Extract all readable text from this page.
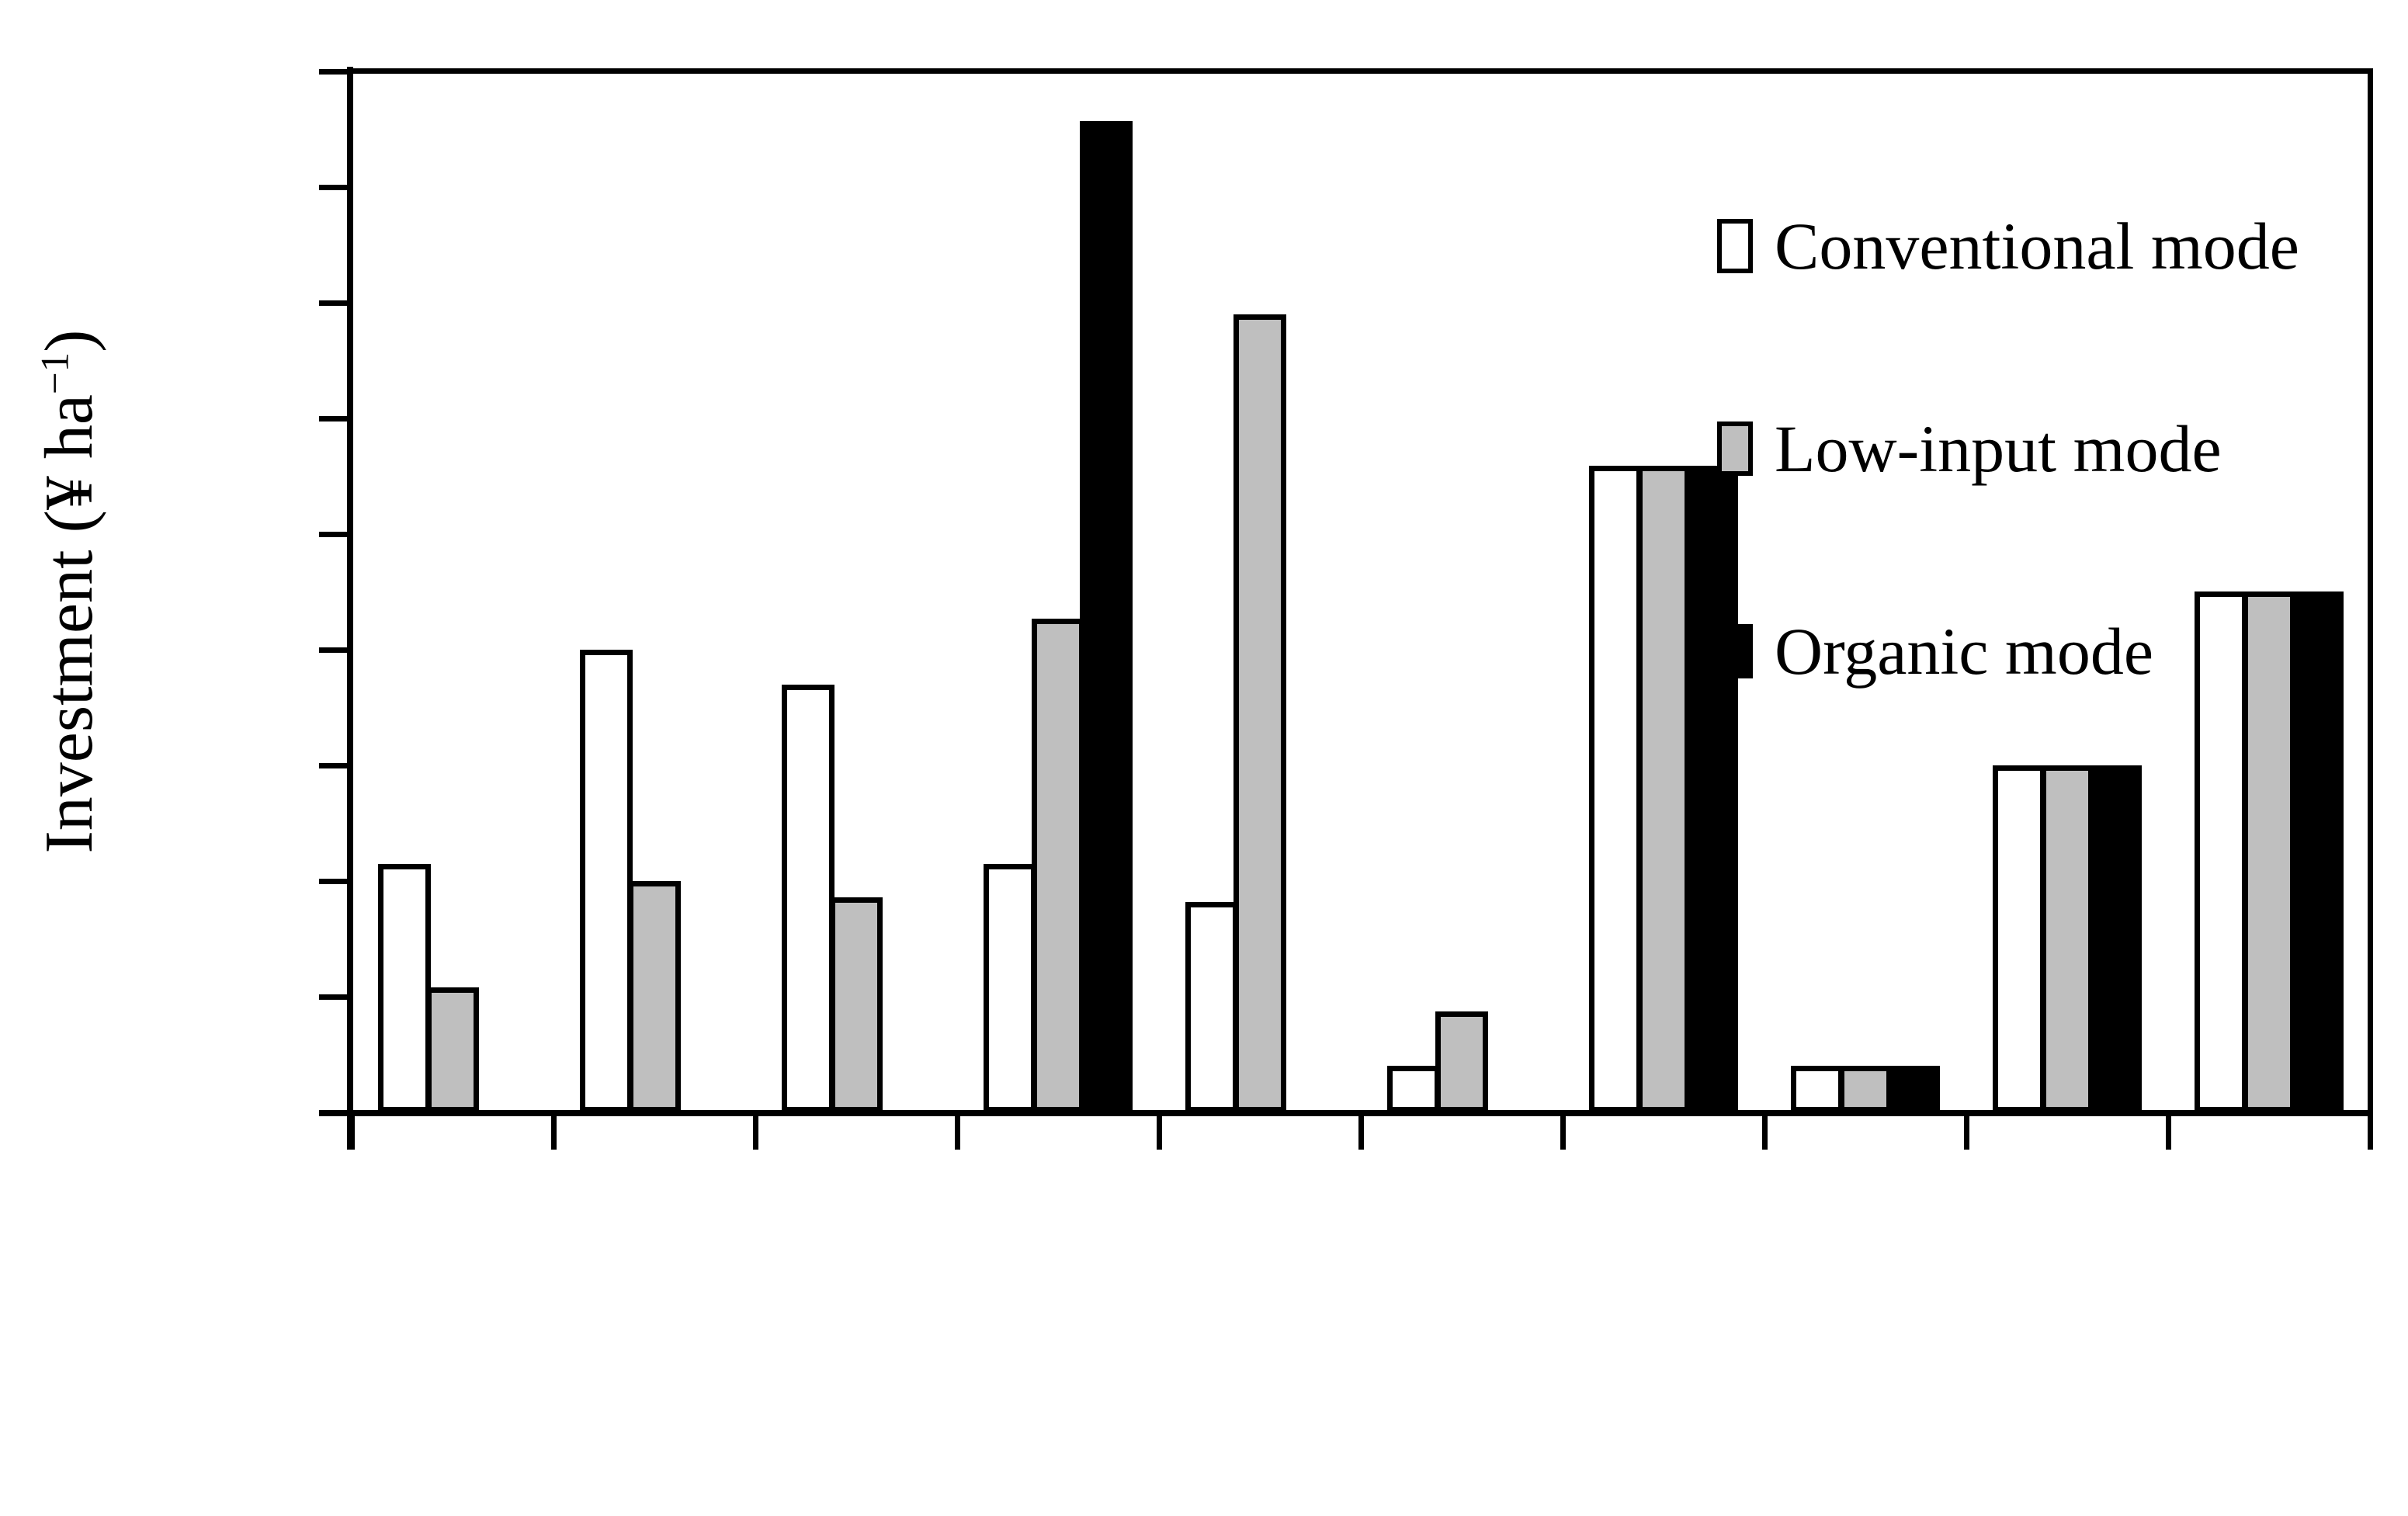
Investment (¥ $ha^{-1}$)
Conventional mode
Low-input mode
Organic mode
